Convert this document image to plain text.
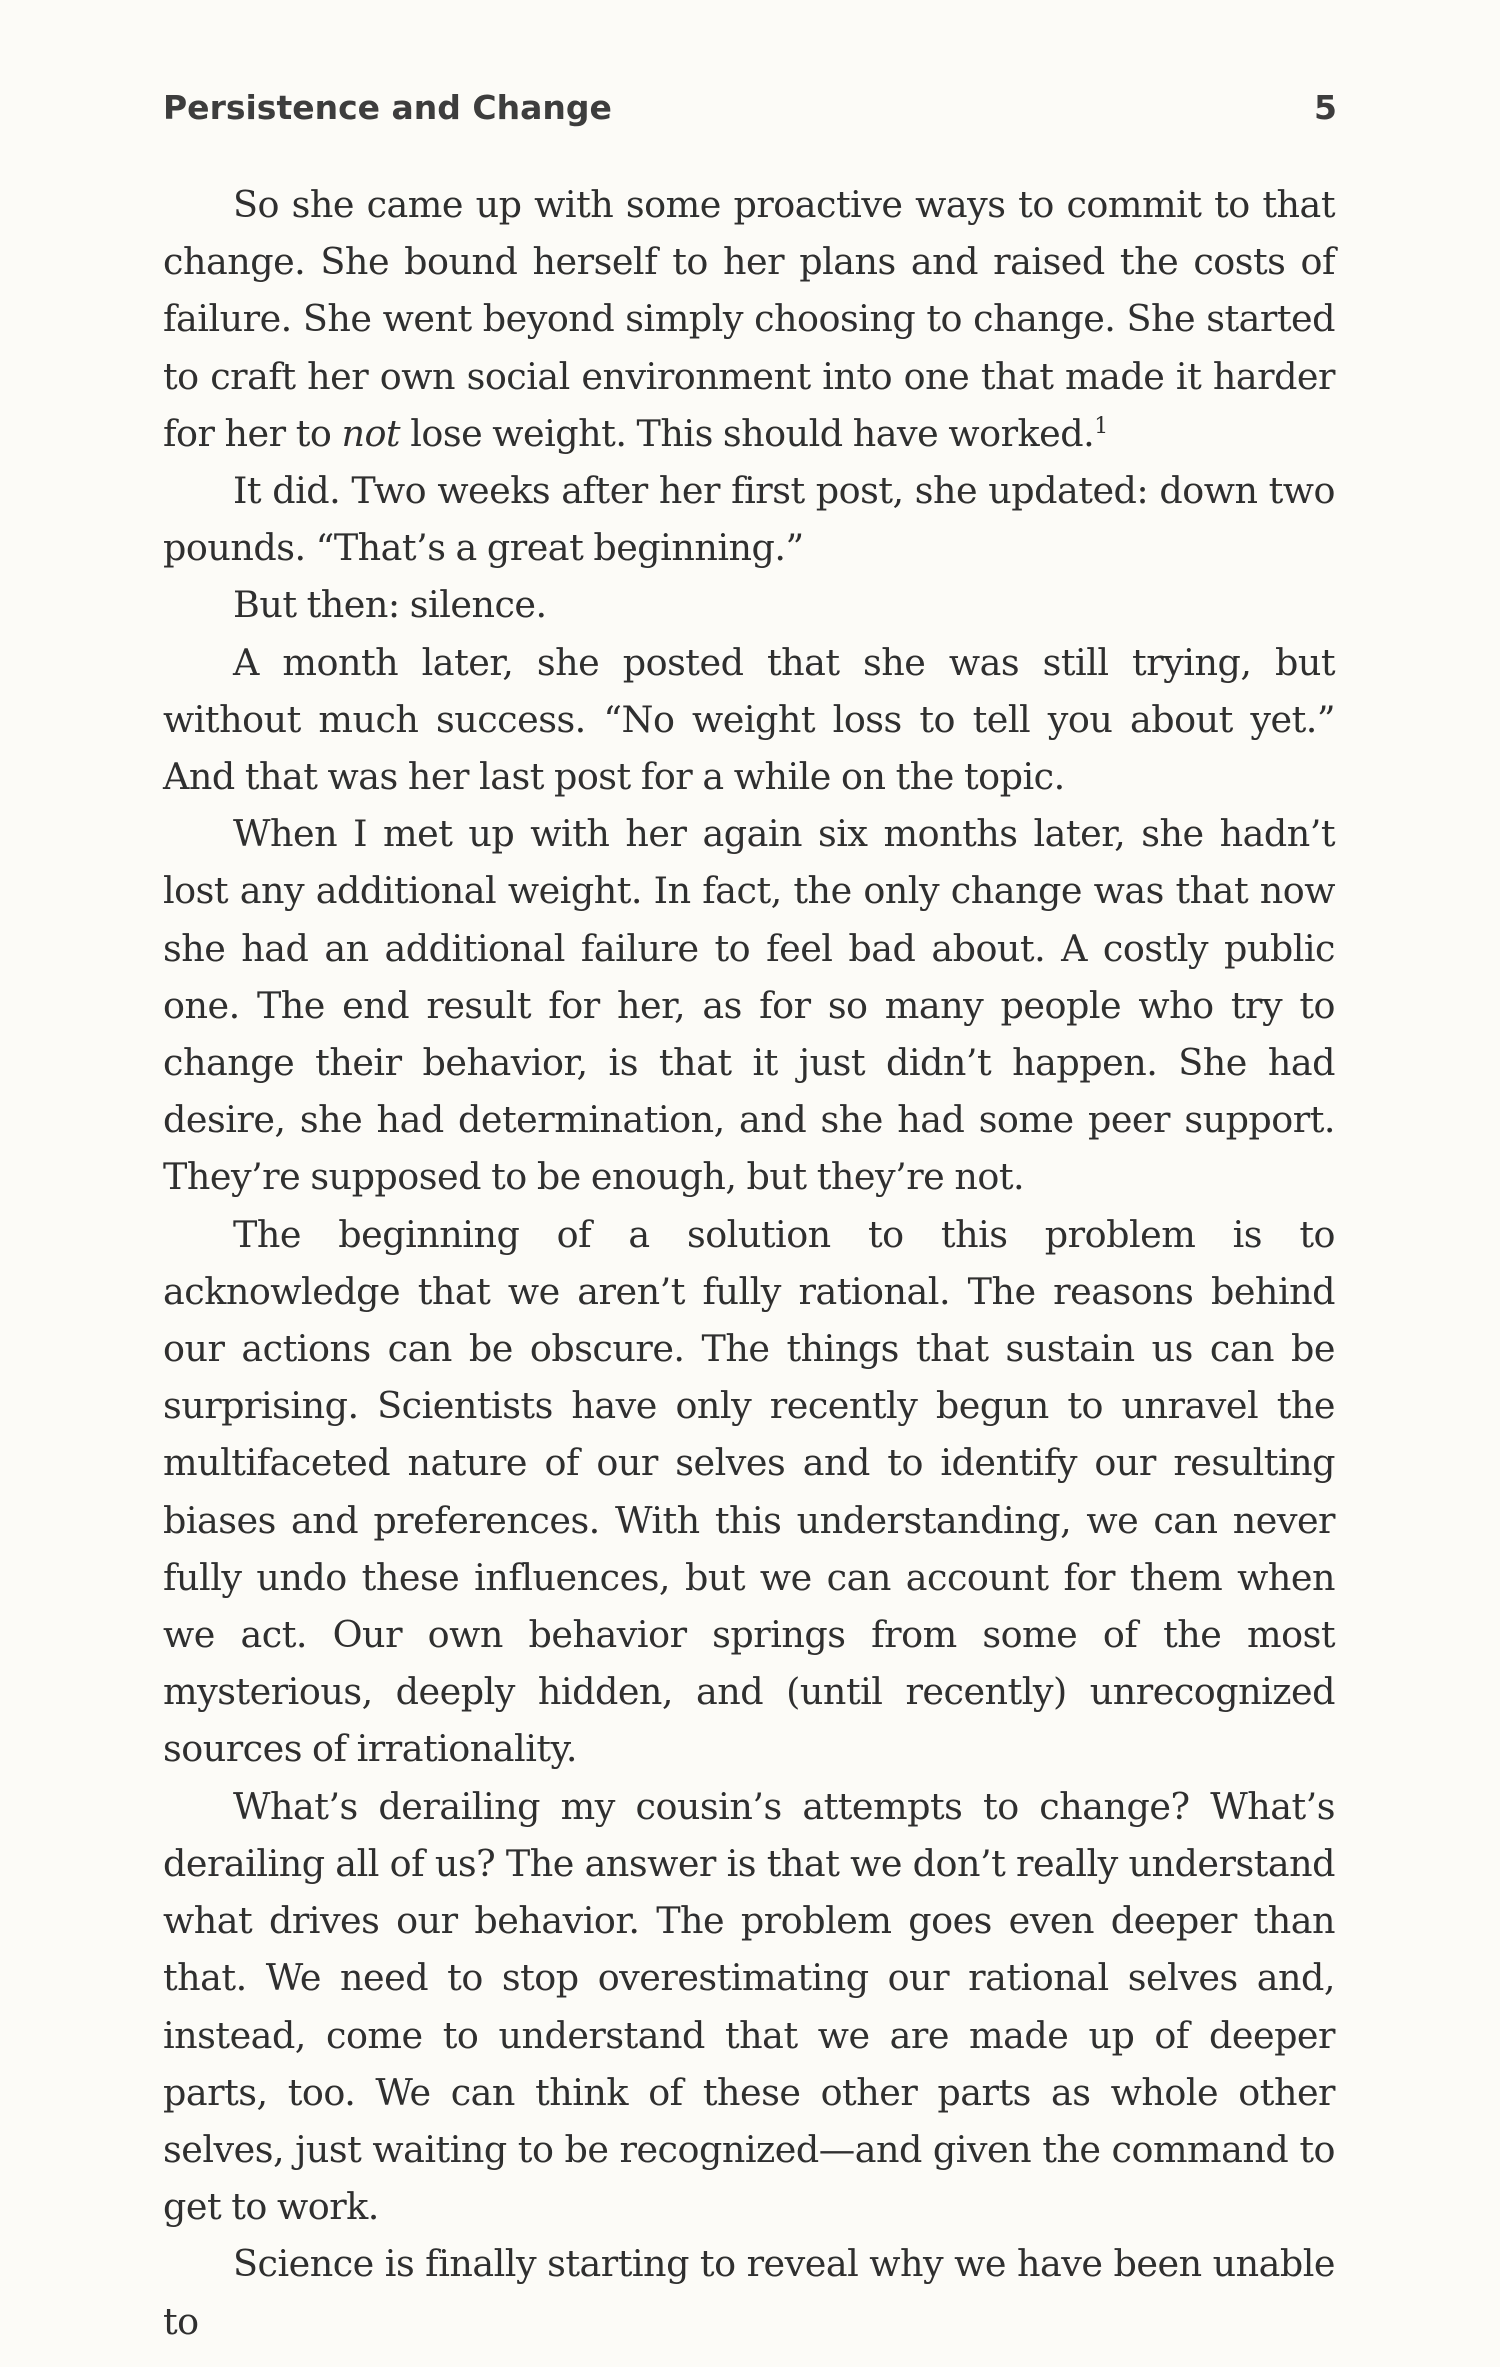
Persistence and Change	5

So she came up with some proactive ways to commit to that change. She bound herself to her plans and raised the costs of failure. She went beyond simply choosing to change. She started to craft her own social environment into one that made it harder for her to not lose weight. This should have worked.$^1$

It did. Two weeks after her first post, she updated: down two pounds. “That’s a great beginning.”

But then: silence.

A month later, she posted that she was still trying, but without much success. “No weight loss to tell you about yet.” And that was her last post for a while on the topic.

When I met up with her again six months later, she hadn’t lost any additional weight. In fact, the only change was that now she had an additional failure to feel bad about. A costly public one. The end result for her, as for so many people who try to change their behavior, is that it just didn’t happen. She had desire, she had determination, and she had some peer support. They’re supposed to be enough, but they’re not.

The beginning of a solution to this problem is to acknowledge that we aren’t fully rational. The reasons behind our actions can be obscure. The things that sustain us can be surprising. Scientists have only recently begun to unravel the multifaceted nature of our selves and to identify our resulting biases and preferences. With this understanding, we can never fully undo these influences, but we can account for them when we act. Our own behavior springs from some of the most mysterious, deeply hidden, and (until recently) unrecognized sources of irrationality.

What’s derailing my cousin’s attempts to change? What’s derailing all of us? The answer is that we don’t really understand what drives our behavior. The problem goes even deeper than that. We need to stop overestimating our rational selves and, instead, come to understand that we are made up of deeper parts, too. We can think of these other parts as whole other selves, just waiting to be recognized—and given the command to get to work.

Science is finally starting to reveal why we have been unable to
